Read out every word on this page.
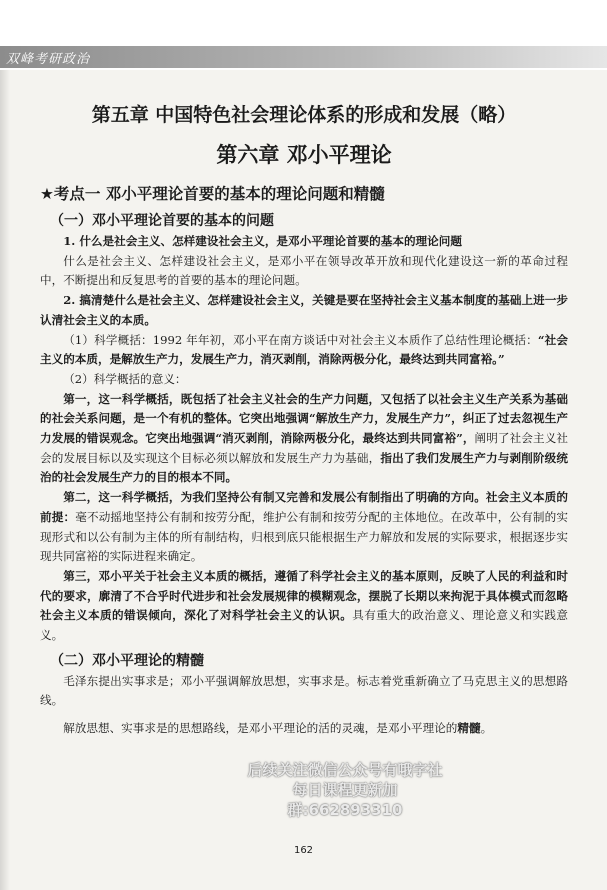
双峰考研政治
第五章 中国特色社会理论体系的形成和发展（略）
第六章 邓小平理论
★考点一 邓小平理论首要的基本的理论问题和精髓
（一）邓小平理论首要的基本的问题

1. 什么是社会主义、怎样建设社会主义，是邓小平理论首要的基本的理论问题

什么是社会主义、怎样建设社会主义，是邓小平在领导改革开放和现代化建设这一新的革命过程中，不断提出和反复思考的首要的基本的理论问题。

2. 搞清楚什么是社会主义、怎样建设社会主义，关键是要在坚持社会主义基本制度的基础上进一步认清社会主义的本质。

（1）科学概括：1992 年年初，邓小平在南方谈话中对社会主义本质作了总结性理论概括：“社会主义的本质，是解放生产力，发展生产力，消灭剥削，消除两极分化，最终达到共同富裕。”

（2）科学概括的意义：

第一，这一科学概括，既包括了社会主义社会的生产力问题，又包括了以社会主义生产关系为基础的社会关系问题，是一个有机的整体。它突出地强调“解放生产力，发展生产力”，纠正了过去忽视生产力发展的错误观念。它突出地强调“消灭剥削，消除两极分化，最终达到共同富裕”，阐明了社会主义社会的发展目标以及实现这个目标必须以解放和发展生产力为基础，指出了我们发展生产力与剥削阶级统治的社会发展生产力的目的根本不同。

第二，这一科学概括，为我们坚持公有制又完善和发展公有制指出了明确的方向。社会主义本质的前提：毫不动摇地坚持公有制和按劳分配，维护公有制和按劳分配的主体地位。在改革中，公有制的实现形式和以公有制为主体的所有制结构，归根到底只能根据生产力解放和发展的实际要求，根据逐步实现共同富裕的实际进程来确定。

第三，邓小平关于社会主义本质的概括，遵循了科学社会主义的基本原则，反映了人民的利益和时代的要求，廓清了不合乎时代进步和社会发展规律的模糊观念，摆脱了长期以来拘泥于具体模式而忽略社会主义本质的错误倾向，深化了对科学社会主义的认识。具有重大的政治意义、理论意义和实践意义。

（二）邓小平理论的精髓

毛泽东提出实事求是；邓小平强调解放思想，实事求是。标志着党重新确立了马克思主义的思想路线。

解放思想、实事求是的思想路线，是邓小平理论的活的灵魂，是邓小平理论的精髓。

后续关注微信公众号有哦字社
每日课程更新加群:662893310
162
